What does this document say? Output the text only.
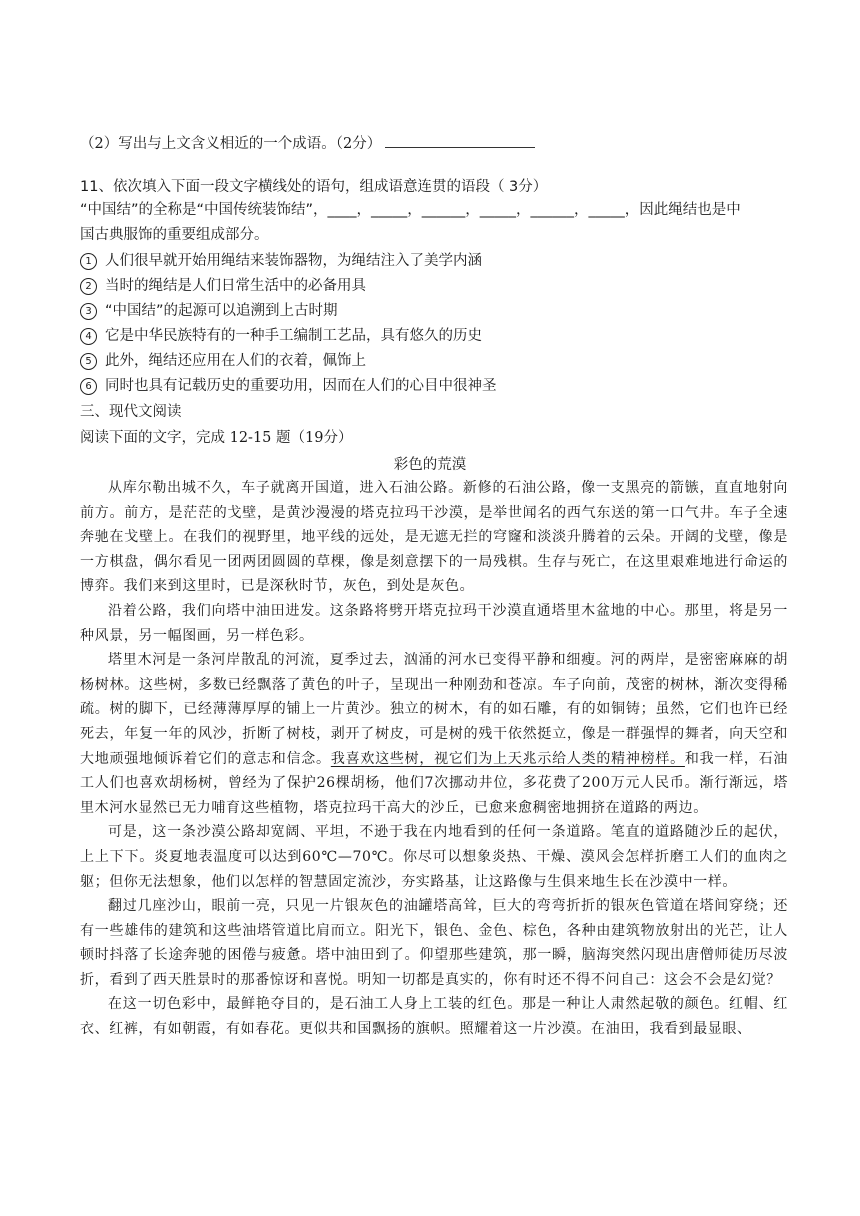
（2）写出与上文含义相近的一个成语。（2分）
11、依次填入下面一段文字横线处的语句，组成语意连贯的语段（ 3分）
“中国结”的全称是“中国传统装饰结”，____，_____，______，_____，______，_____，因此绳结也是中
国古典服饰的重要组成部分。
1 人们很早就开始用绳结来装饰器物，为绳结注入了美学内涵
2 当时的绳结是人们日常生活中的必备用具
3 “中国结”的起源可以追溯到上古时期
4 它是中华民族特有的一种手工编制工艺品，具有悠久的历史
5 此外，绳结还应用在人们的衣着，佩饰上
6 同时也具有记载历史的重要功用，因而在人们的心目中很神圣
三、现代文阅读
阅读下面的文字，完成 12-15 题（19分）
彩色的荒漠

从库尔勒出城不久，车子就离开国道，进入石油公路。新修的石油公路，像一支黑亮的箭镞，直直地射向前方。前方，是茫茫的戈壁，是黄沙漫漫的塔克拉玛干沙漠，是举世闻名的西气东送的第一口气井。车子全速奔驰在戈壁上。在我们的视野里，地平线的远处，是无遮无拦的穹窿和淡淡升腾着的云朵。开阔的戈壁，像是一方棋盘，偶尔看见一团两团圆圆的草棵，像是刻意摆下的一局残棋。生存与死亡，在这里艰难地进行命运的博弈。我们来到这里时，已是深秋时节，灰色，到处是灰色。

沿着公路，我们向塔中油田进发。这条路将劈开塔克拉玛干沙漠直通塔里木盆地的中心。那里，将是另一种风景，另一幅图画，另一样色彩。

塔里木河是一条河岸散乱的河流，夏季过去，汹涌的河水已变得平静和细瘦。河的两岸，是密密麻麻的胡杨树林。这些树，多数已经飘落了黄色的叶子，呈现出一种刚劲和苍凉。车子向前，茂密的树林，渐次变得稀疏。树的脚下，已经薄薄厚厚的铺上一片黄沙。独立的树木，有的如石雕，有的如铜铸；虽然，它们也许已经死去，年复一年的风沙，折断了树枝，剥开了树皮，可是树的残干依然挺立，像是一群强悍的舞者，向天空和大地顽强地倾诉着它们的意志和信念。我喜欢这些树，视它们为上天兆示给人类的精神榜样。和我一样，石油工人们也喜欢胡杨树，曾经为了保护26棵胡杨，他们7次挪动井位，多花费了200万元人民币。渐行渐远，塔里木河水显然已无力哺育这些植物，塔克拉玛干高大的沙丘，已愈来愈稠密地拥挤在道路的两边。

可是，这一条沙漠公路却宽阔、平坦，不逊于我在内地看到的任何一条道路。笔直的道路随沙丘的起伏，上上下下。炎夏地表温度可以达到60℃—70℃。你尽可以想象炎热、干燥、漠风会怎样折磨工人们的血肉之躯；但你无法想象，他们以怎样的智慧固定流沙，夯实路基，让这路像与生俱来地生长在沙漠中一样。

翻过几座沙山，眼前一亮，只见一片银灰色的油罐塔高耸，巨大的弯弯折折的银灰色管道在塔间穿绕；还有一些雄伟的建筑和这些油塔管道比肩而立。阳光下，银色、金色、棕色，各种由建筑物放射出的光芒，让人顿时抖落了长途奔驰的困倦与疲惫。塔中油田到了。仰望那些建筑，那一瞬，脑海突然闪现出唐僧师徒历尽波折，看到了西天胜景时的那番惊讶和喜悦。明知一切都是真实的，你有时还不得不问自己：这会不会是幻觉？

在这一切色彩中，最鲜艳夺目的，是石油工人身上工装的红色。那是一种让人肃然起敬的颜色。红帽、红衣、红裤，有如朝霞，有如春花。更似共和国飘扬的旗帜。照耀着这一片沙漠。在油田，我看到最显眼、
